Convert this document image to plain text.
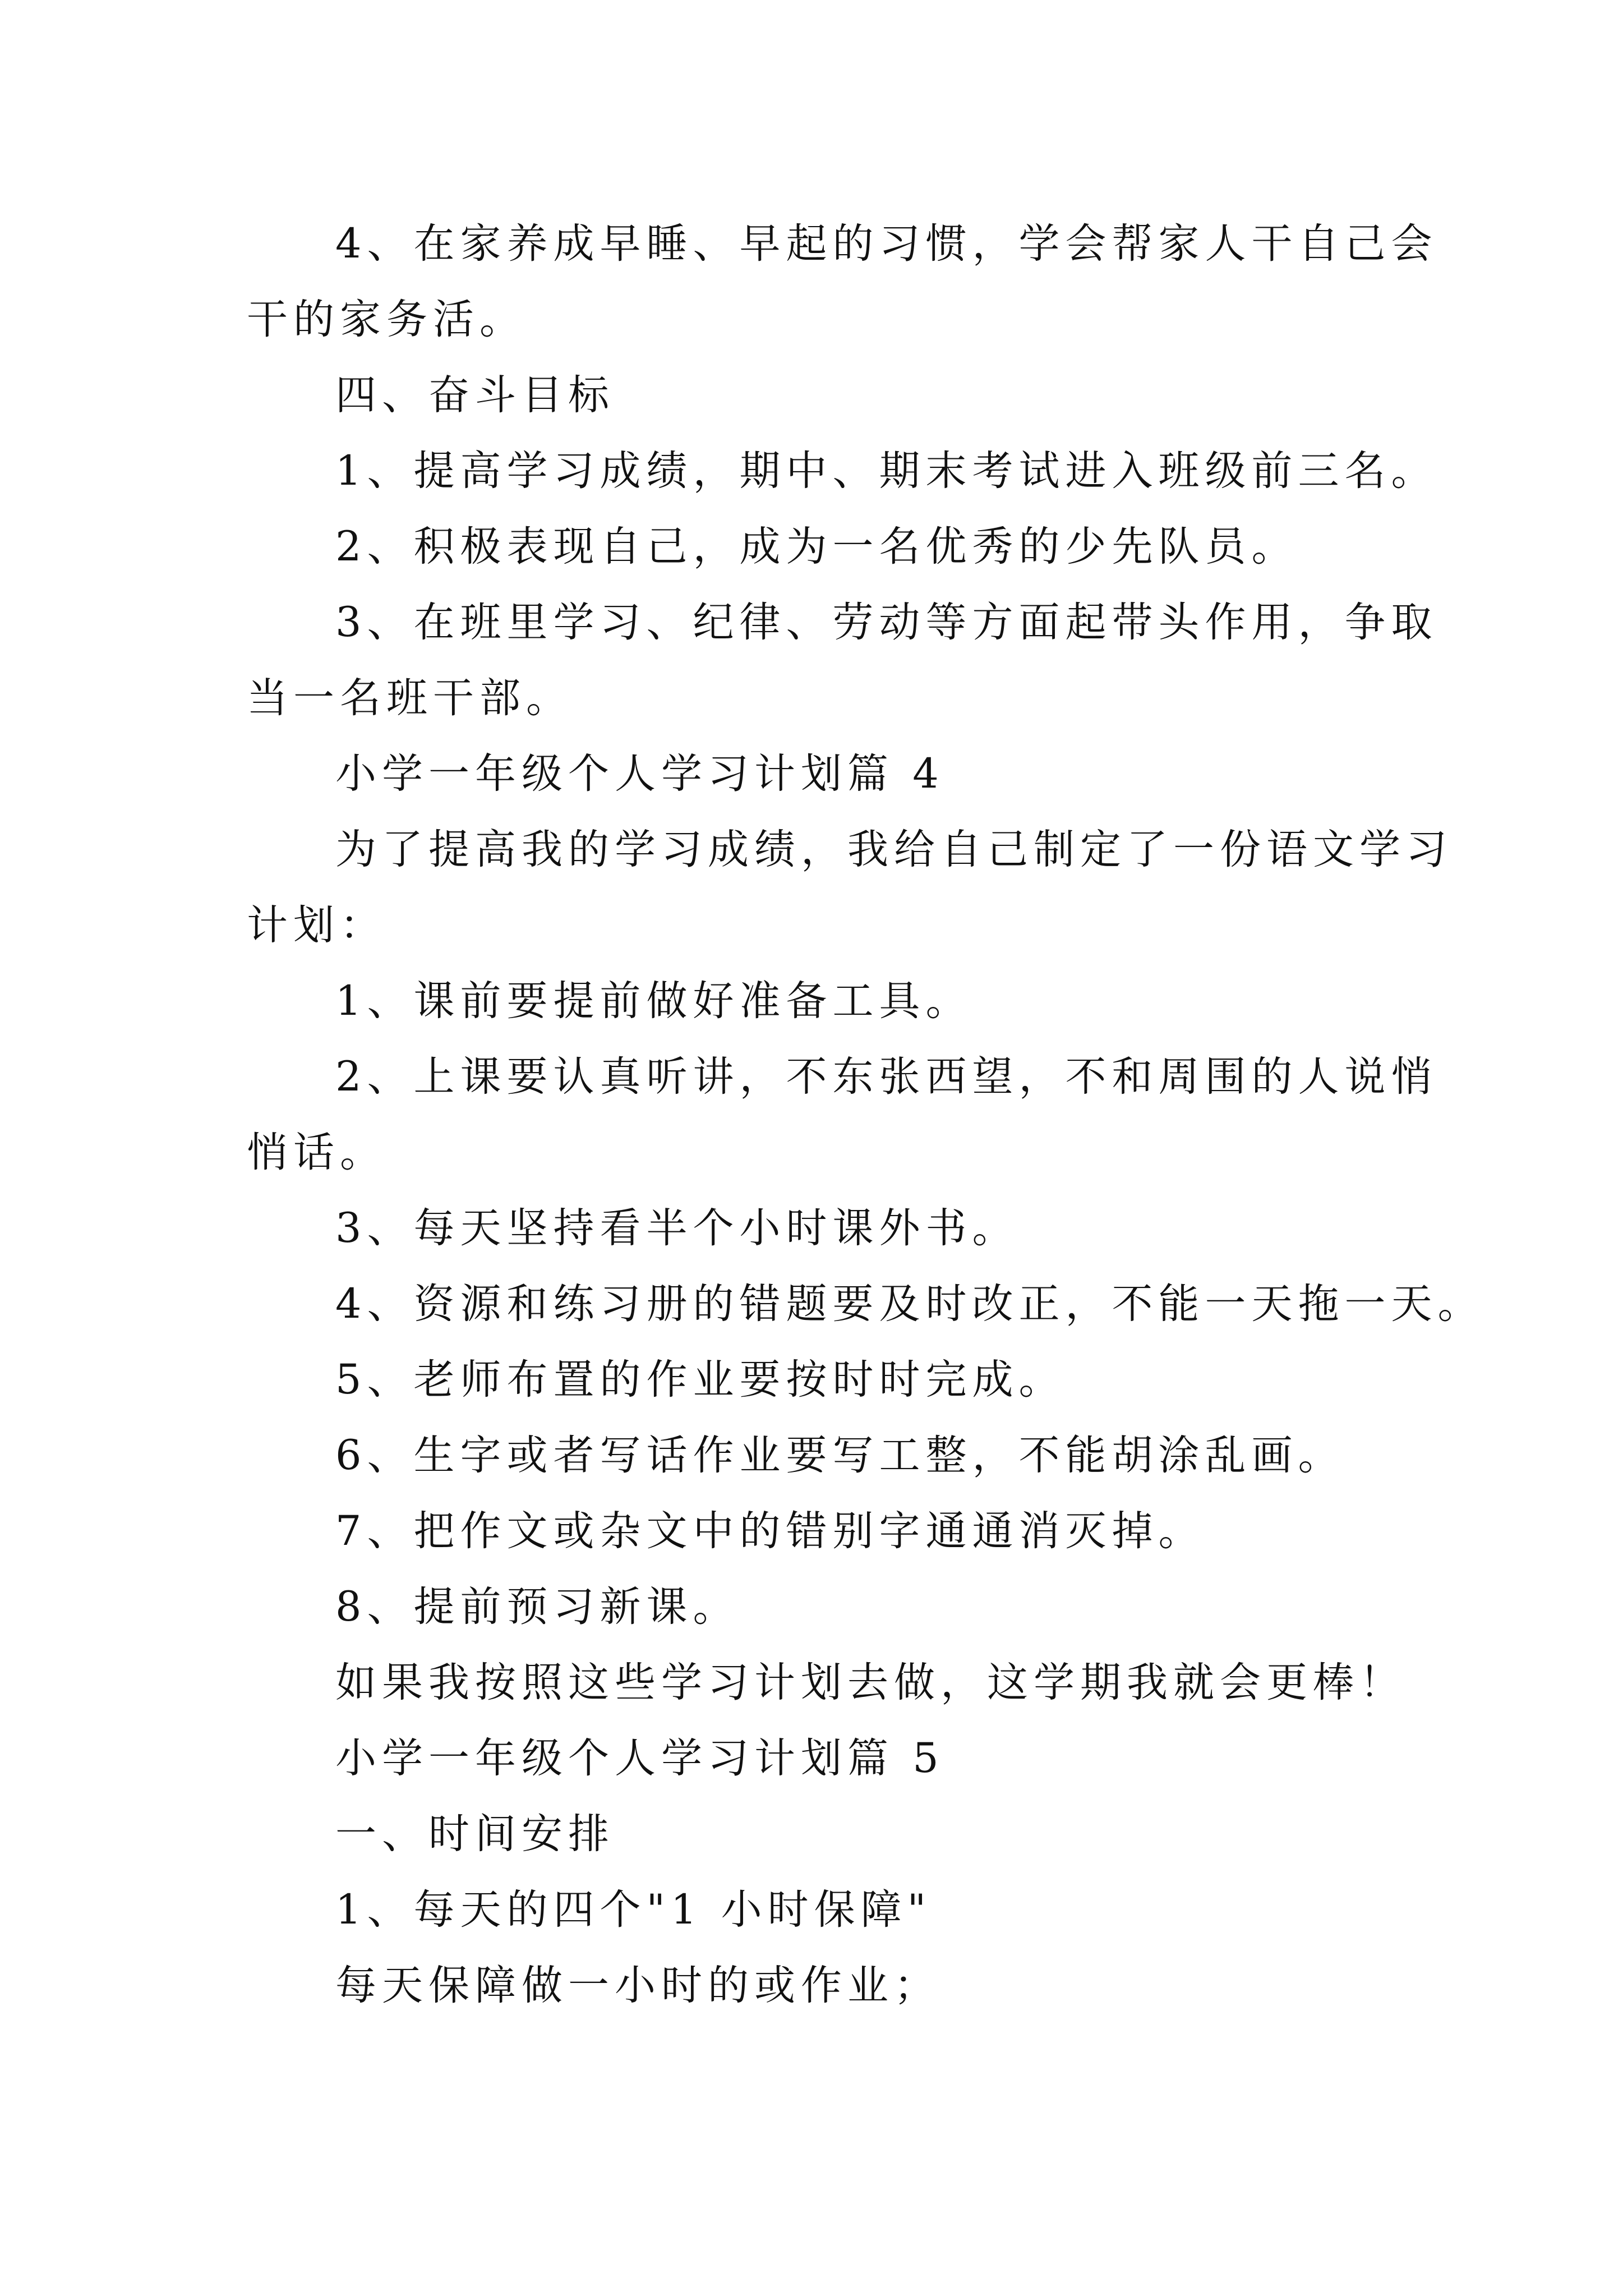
4、在家养成早睡、早起的习惯，学会帮家人干自己会
干的家务活。
四、奋斗目标
1、提高学习成绩，期中、期末考试进入班级前三名。
2、积极表现自己，成为一名优秀的少先队员。
3、在班里学习、纪律、劳动等方面起带头作用，争取
当一名班干部。
小学一年级个人学习计划篇 4
为了提高我的学习成绩，我给自己制定了一份语文学习
计划：
1、课前要提前做好准备工具。
2、上课要认真听讲，不东张西望，不和周围的人说悄
悄话。
3、每天坚持看半个小时课外书。
4、资源和练习册的错题要及时改正，不能一天拖一天。
5、老师布置的作业要按时时完成。
6、生字或者写话作业要写工整，不能胡涂乱画。
7、把作文或杂文中的错别字通通消灭掉。
8、提前预习新课。
如果我按照这些学习计划去做，这学期我就会更棒！
小学一年级个人学习计划篇 5
一、时间安排
1、每天的四个"1 小时保障"
每天保障做一小时的或作业；
